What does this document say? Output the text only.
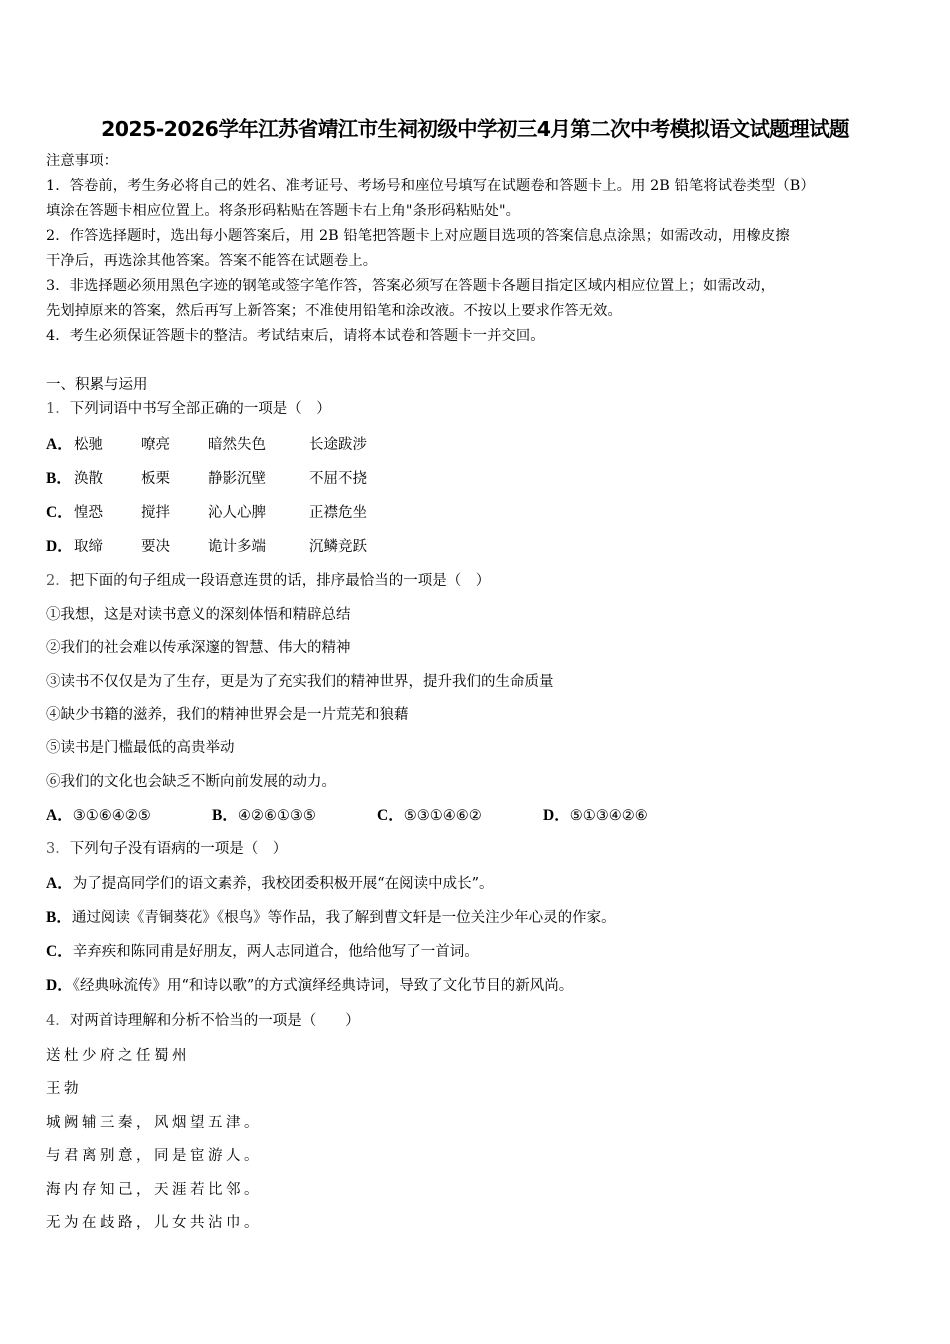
2025-2026学年江苏省靖江市生祠初级中学初三4月第二次中考模拟语文试题理试题
注意事项：
1．答卷前，考生务必将自己的姓名、准考证号、考场号和座位号填写在试题卷和答题卡上。用 2B 铅笔将试卷类型（B）
填涂在答题卡相应位置上。将条形码粘贴在答题卡右上角"条形码粘贴处"。
2．作答选择题时，选出每小题答案后，用 2B 铅笔把答题卡上对应题目选项的答案信息点涂黑；如需改动，用橡皮擦
干净后，再选涂其他答案。答案不能答在试题卷上。
3．非选择题必须用黑色字迹的钢笔或签字笔作答，答案必须写在答题卡各题目指定区域内相应位置上；如需改动，
先划掉原来的答案，然后再写上新答案；不准使用铅笔和涂改液。不按以上要求作答无效。
4．考生必须保证答题卡的整洁。考试结束后，请将本试卷和答题卡一并交回。
一、积累与运用
1．下列词语中书写全部正确的一项是（　）
A．松驰	嘹亮	暗然失色	长途跋涉
B． 涣散	板栗	静影沉壁	不屈不挠
C．惶恐	搅拌	沁人心脾	正襟危坐
D．取缔	要决	诡计多端	沉鳞竞跃
2．把下面的句子组成一段语意连贯的话，排序最恰当的一项是（　）
①我想，这是对读书意义的深刻体悟和精辟总结
②我们的社会难以传承深邃的智慧、伟大的精神
③读书不仅仅是为了生存，更是为了充实我们的精神世界，提升我们的生命质量
④缺少书籍的滋养，我们的精神世界会是一片荒芜和狼藉
⑤读书是门槛最低的高贵举动
⑥我们的文化也会缺乏不断向前发展的动力。
A．③①⑥④②⑤	B．④②⑥①③⑤	C．⑤③①④⑥②	D．⑤①③④②⑥
3．下列句子没有语病的一项是（　）
A．为了提高同学们的语文素养，我校团委积极开展“在阅读中成长”。
B．通过阅读《青铜葵花》《根鸟》等作品，我了解到曹文轩是一位关注少年心灵的作家。
C．辛弃疾和陈同甫是好朋友，两人志同道合，他给他写了一首词。
D．《经典咏流传》用“和诗以歌”的方式演绎经典诗词，导致了文化节目的新风尚。
4．对两首诗理解和分析不恰当的一项是（　　）
送杜少府之任蜀州
王勃
城阙辅三秦，风烟望五津。
与君离别意，同是宦游人。
海内存知己，天涯若比邻。
无为在歧路，儿女共沾巾。
